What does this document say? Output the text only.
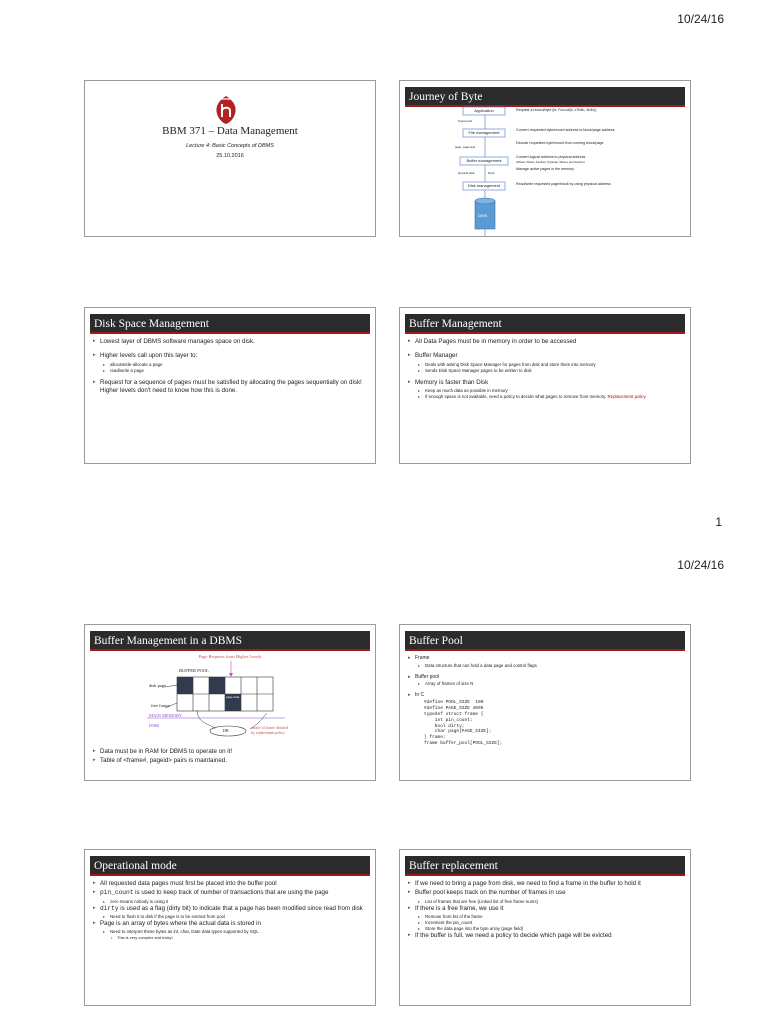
10/24/16
1
10/24/16
BBM 371 – Data Management
Lecture 4: Basic Concepts of DBMS
25.10.2016
Journey of Byte
Application
File management
Buffer management
Disk management
DISK
byte/record
page, page:recd
physical addr.	block
Request a record/byte (ie. Foo.c#(5, c7b4b, 4b3c))
Convert requested byte/record address to block/page address
Decode requested byte/record from coming block/page
Convert logical address to physical address
(Wheel, Wheel, Section) (Cylinder, Wheel, and Section)
Manage active pages in the memory
Read/write requested page/block by using physical address
Disk Space Management
▸ Lowest layer of DBMS software manages space on disk.
▸ Higher levels call upon this layer to:
▸ allocate/de-allocate a page
▸ read/write a page
▸ Request for a sequence of pages must be satisfied by allocating the pages sequentially on disk! Higher levels don't need to know how this is done.
Buffer Management
▸ All Data Pages must be in memory in order to be accessed
▸ Buffer Manager
▸ Deals with asking Disk Space Manager for pages from disk and store them into memory
▸ Sends Disk Space Manager pages to be written to disk
▸ Memory is faster than Disk
▸ Keep as much data as possible in memory
▸ If enough space is not available, need a policy to decide what pages to remove from memory. Replacement policy
Buffer Management in a DBMS
Page Requests from Higher Levels
BUFFER POOL
disk page
free frame
MAIN MEMORY
DISK
DB	choice of frame dictated
by replacement policy
page data
page data
▸ Data must be in RAM for DBMS to operate on it!
▸ Table of <frame#, pageid> pairs is maintained.
Buffer Pool
▸ Frame
▸ Data structure that can hold a data page and control flags
▸ Buffer pool
▸ Array of frames of size N
▸ In C
#define POOL_SIZE  100
#define PAGE_SIZE 4096
typedef struct frame {
int pin_count;
bool dirty;
char page[PAGE_SIZE];
} frame;
frame buffer_pool[POOL_SIZE];
Operational mode
▸ All requested data pages must first be placed into the buffer pool
▸ pin_count is used to keep track of number of transactions that are using the page
▸ zero means nobody is using it
▸ dirty is used as a flag (dirty bit) to indicate that a page has been modified since read from disk
▸ Need to flush it to disk if the page is to be evicted from pool
▸ Page is an array of bytes where the actual data is stored in
▸ Need to interpret these bytes as int, char, Date data types supported by SQL
• This is very complex and tricky!
Buffer replacement
▸ If we need to bring a page from disk, we need to find a frame in the buffer to hold it
▸ Buffer pool keeps track on the number of frames in use
▸ List of frames that are free (Linked list of free frame nums)
▸ If there is a free frame, we use it
▸ Remove from list of the frame
▸ Increment the pin_count
▸ Store the data page into the byte array (page field)
▸ If the buffer is full, we need a policy to decide which page will be evicted
